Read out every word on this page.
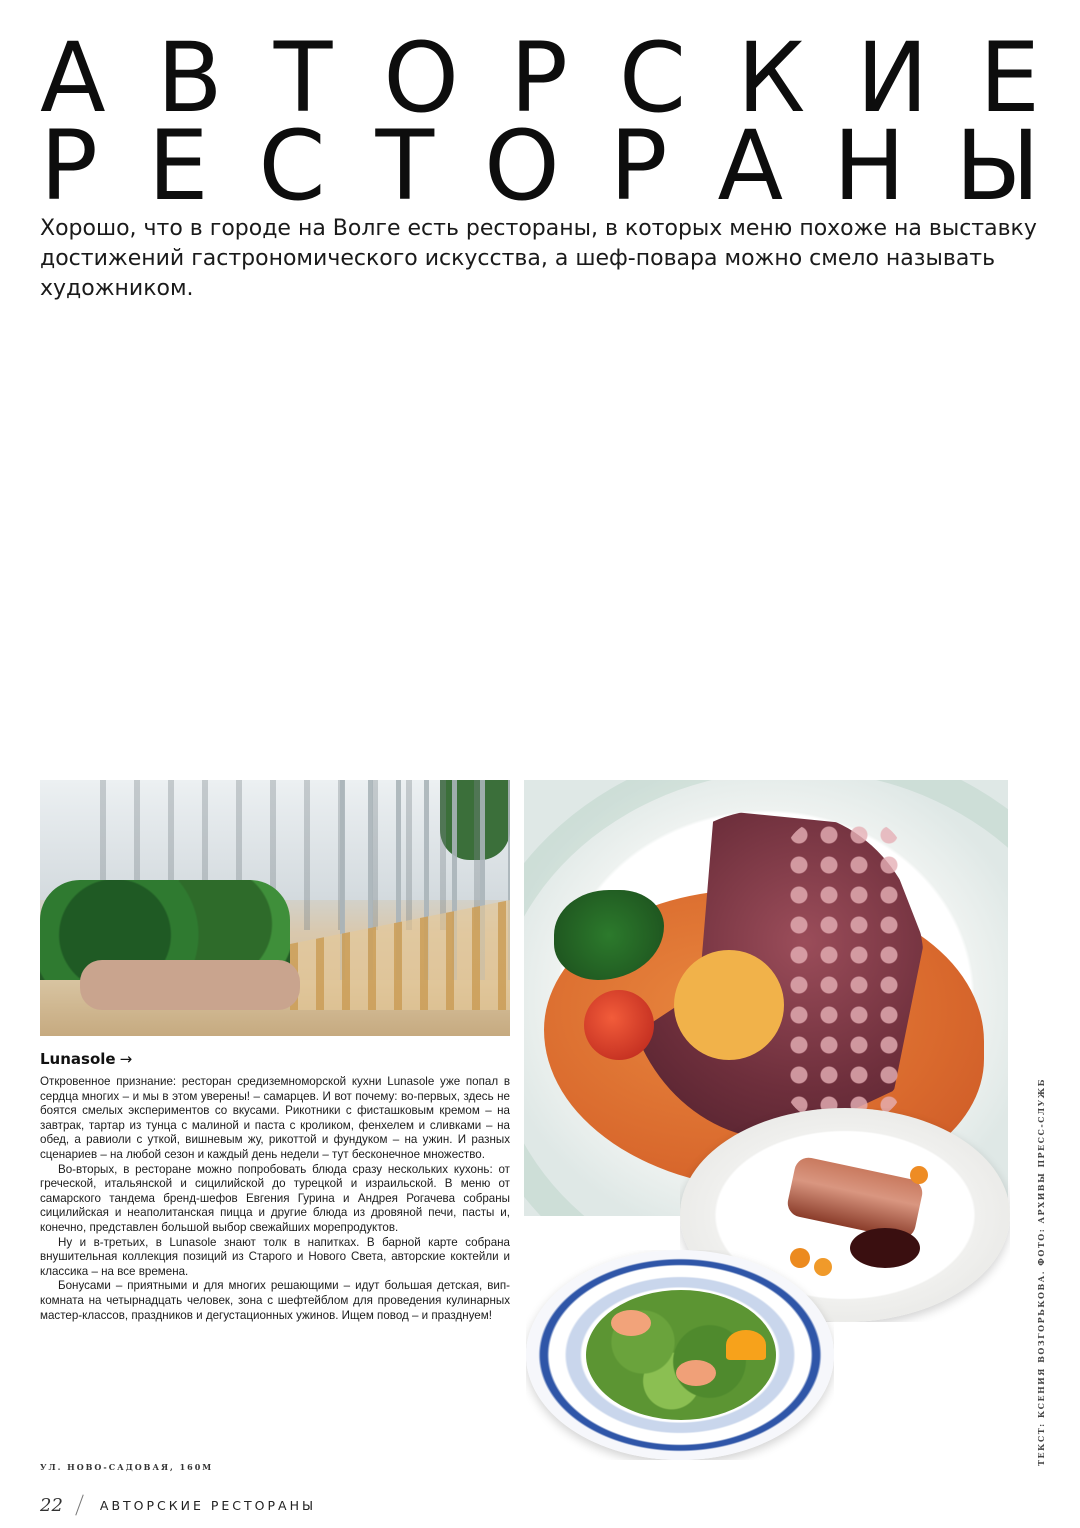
А В Т О Р С К И Е
Р Е С Т О Р А Н Ы
Хорошо, что в городе на Волге есть рестораны, в которых меню похоже на выставку достижений гастрономического искусства, а шеф-повара можно смело называть художником.
Lunasole →

Откровенное признание: ресторан средиземноморской кухни Lunasole уже попал в сердца многих – и мы в этом уверены! – самарцев. И вот почему: во-первых, здесь не боятся смелых экспериментов со вкусами. Рикотники с фисташковым кремом – на завтрак, тартар из тунца с малиной и паста с кроликом, фенхелем и сливками – на обед, а равиоли с уткой, вишневым жу, рикоттой и фундуком – на ужин. И разных сценариев – на любой сезон и каждый день недели – тут бесконечное множество.

Во-вторых, в ресторане можно попробовать блюда сразу нескольких кухонь: от греческой, итальянской и сицилийской до турецкой и израильской. В меню от самарского тандема бренд-шефов Евгения Гурина и Андрея Рогачева собраны сицилийская и неаполитанская пицца и другие блюда из дровяной печи, пасты и, конечно, представлен большой выбор свежайших морепродуктов.

Ну и в-третьих, в Lunasole знают толк в напитках. В барной карте собрана внушительная коллекция позиций из Старого и Нового Света, авторские коктейли и классика – на все времена.

Бонусами – приятными и для многих решающими – идут большая детская, вип-комната на четырнадцать человек, зона с шефтейблом для проведения кулинарных мастер-классов, праздников и дегустационных ужинов. Ищем повод – и празднуем!

УЛ. НОВО-САДОВАЯ, 160М
22	АВТОРСКИЕ РЕСТОРАНЫ
ТЕКСТ: КСЕНИЯ ВОЗГОРЬКОВА. ФОТО: АРХИВЫ ПРЕСС-СЛУЖБ
